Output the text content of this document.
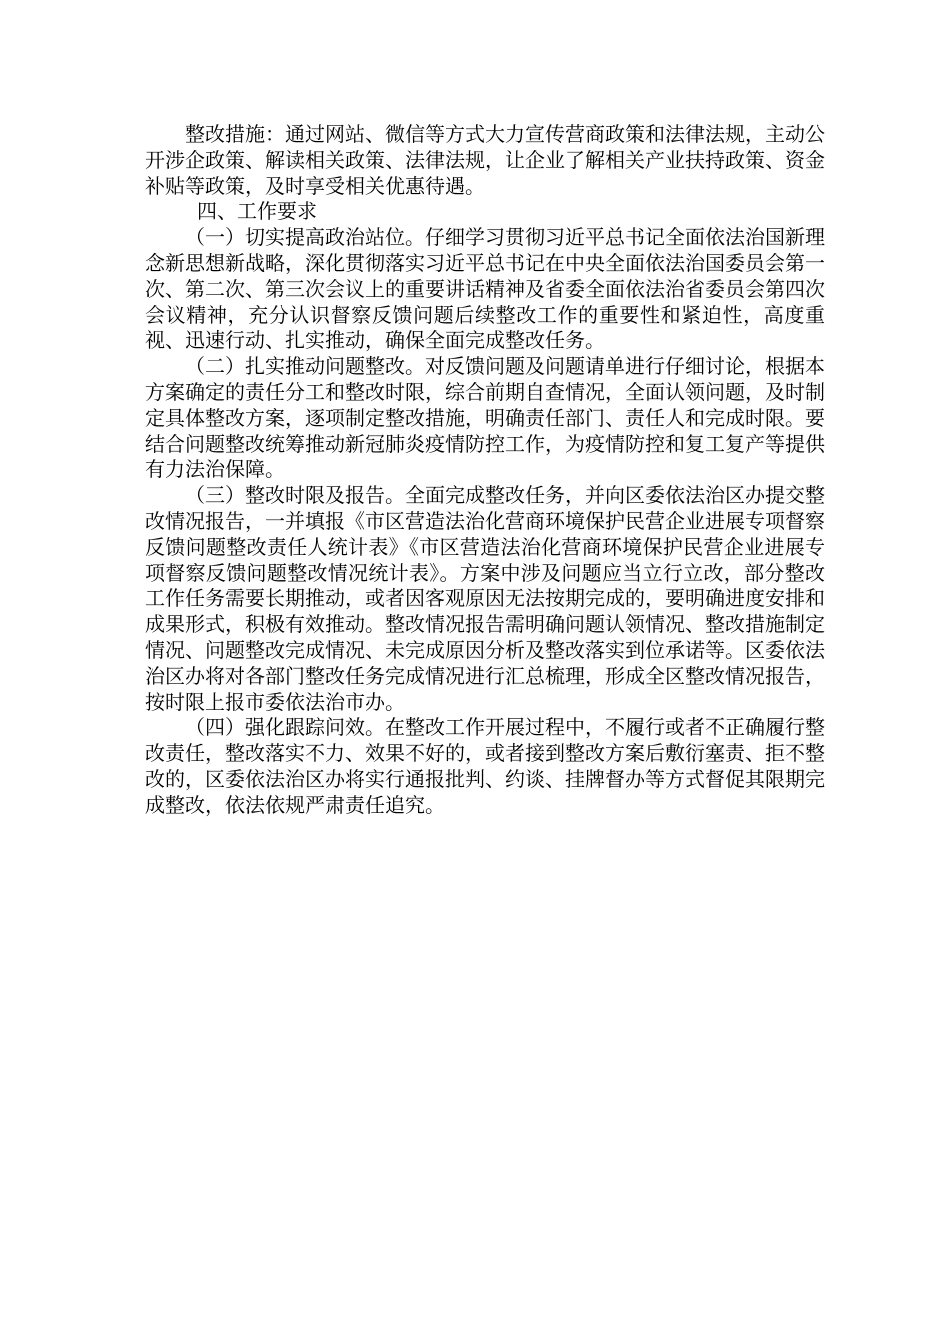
整改措施：通过网站、微信等方式大力宣传营商政策和法律法规，主动公开涉企政策、解读相关政策、法律法规，让企业了解相关产业扶持政策、资金补贴等政策，及时享受相关优惠待遇。

四、工作要求

（一）切实提高政治站位。仔细学习贯彻习近平总书记全面依法治国新理念新思想新战略，深化贯彻落实习近平总书记在中央全面依法治国委员会第一次、第二次、第三次会议上的重要讲话精神及省委全面依法治省委员会第四次会议精神，充分认识督察反馈问题后续整改工作的重要性和紧迫性，高度重视、迅速行动、扎实推动，确保全面完成整改任务。

（二）扎实推动问题整改。对反馈问题及问题请单进行仔细讨论，根据本方案确定的责任分工和整改时限，综合前期自查情况，全面认领问题，及时制定具体整改方案，逐项制定整改措施，明确责任部门、责任人和完成时限。要结合问题整改统筹推动新冠肺炎疫情防控工作，为疫情防控和复工复产等提供有力法治保障。

（三）整改时限及报告。全面完成整改任务，并向区委依法治区办提交整改情况报告，一并填报《市区营造法治化营商环境保护民营企业进展专项督察反馈问题整改责任人统计表》《市区营造法治化营商环境保护民营企业进展专项督察反馈问题整改情况统计表》。方案中涉及问题应当立行立改，部分整改工作任务需要长期推动，或者因客观原因无法按期完成的，要明确进度安排和成果形式，积极有效推动。整改情况报告需明确问题认领情况、整改措施制定情况、问题整改完成情况、未完成原因分析及整改落实到位承诺等。区委依法治区办将对各部门整改任务完成情况进行汇总梳理，形成全区整改情况报告，按时限上报市委依法治市办。

（四）强化跟踪问效。在整改工作开展过程中，不履行或者不正确履行整改责任，整改落实不力、效果不好的，或者接到整改方案后敷衍塞责、拒不整改的，区委依法治区办将实行通报批判、约谈、挂牌督办等方式督促其限期完成整改，依法依规严肃责任追究。
